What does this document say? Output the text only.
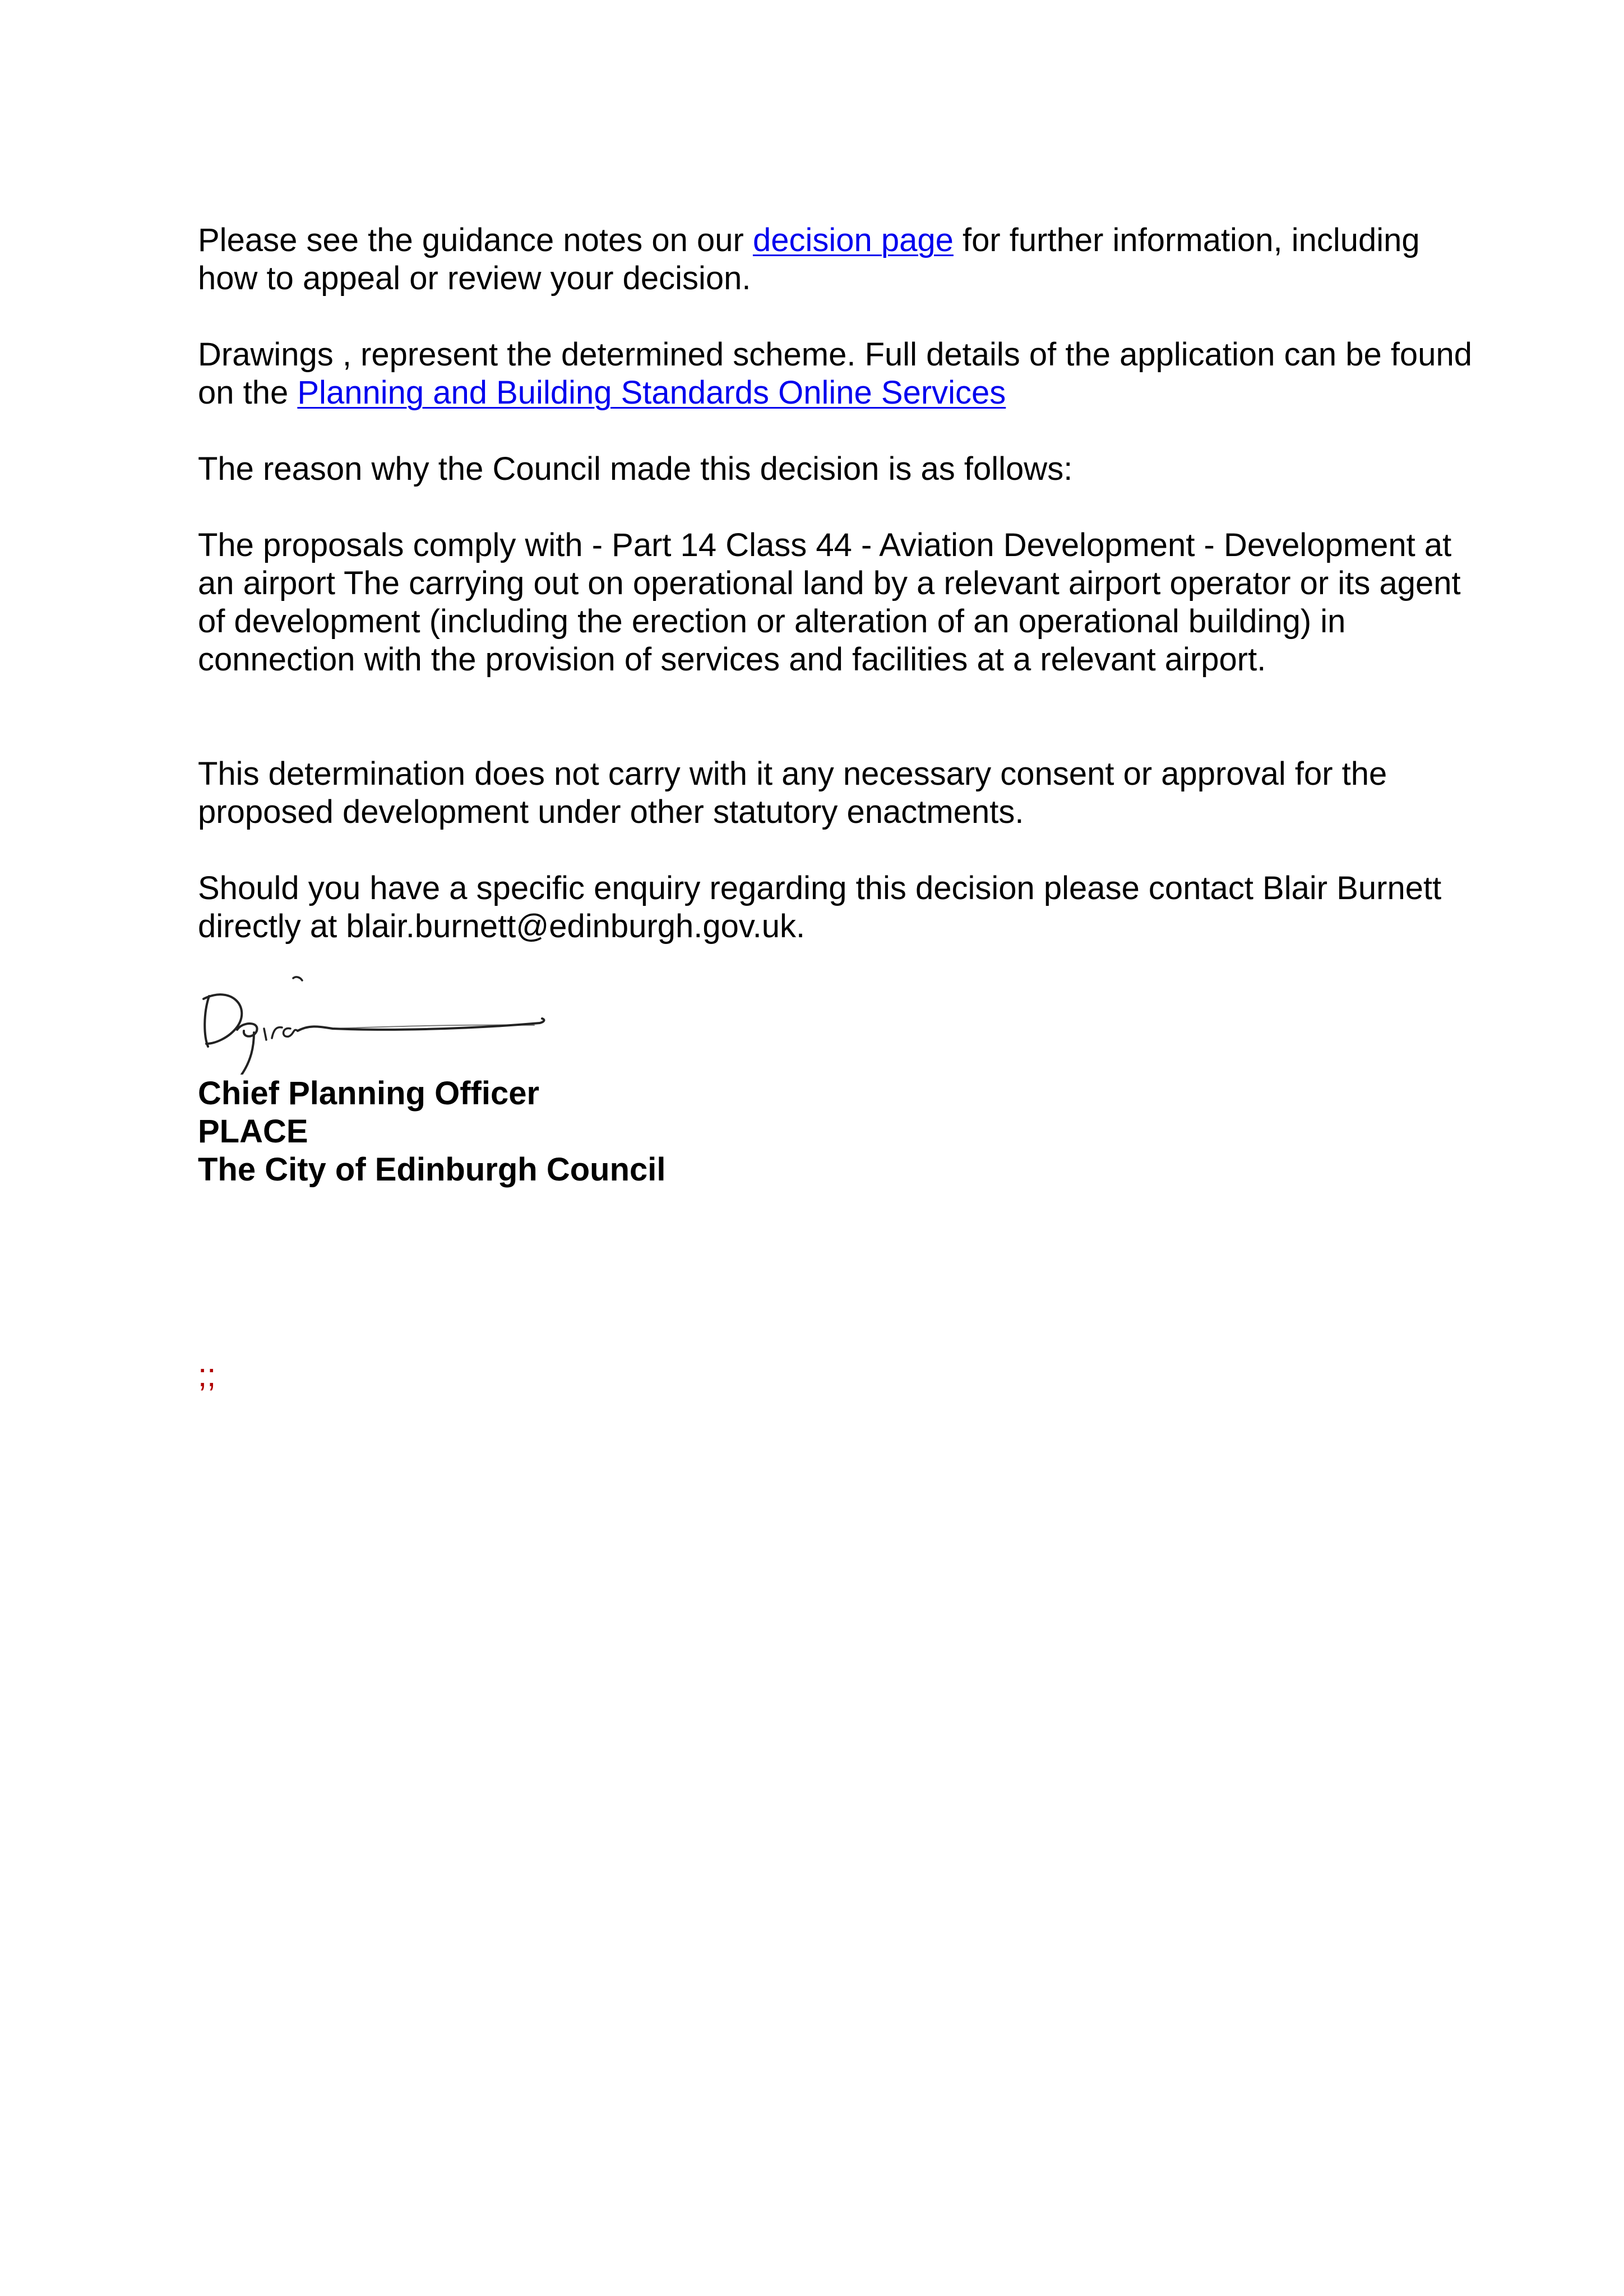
Please see the guidance notes on our decision page for further information, including how to appeal or review your decision.

Drawings , represent the determined scheme. Full details of the application can be found on the Planning and Building Standards Online Services

The reason why the Council made this decision is as follows:

The proposals comply with - Part 14 Class 44 - Aviation Development - Development at an airport The carrying out on operational land by a relevant airport operator or its agent of development (including the erection or alteration of an operational building) in connection with the provision of services and facilities at a relevant airport.

This determination does not carry with it any necessary consent or approval for the proposed development under other statutory enactments.

Should you have a specific enquiry regarding this decision please contact Blair Burnett directly at blair.burnett@edinburgh.gov.uk.

Chief Planning Officer
PLACE
The City of Edinburgh Council
;;
